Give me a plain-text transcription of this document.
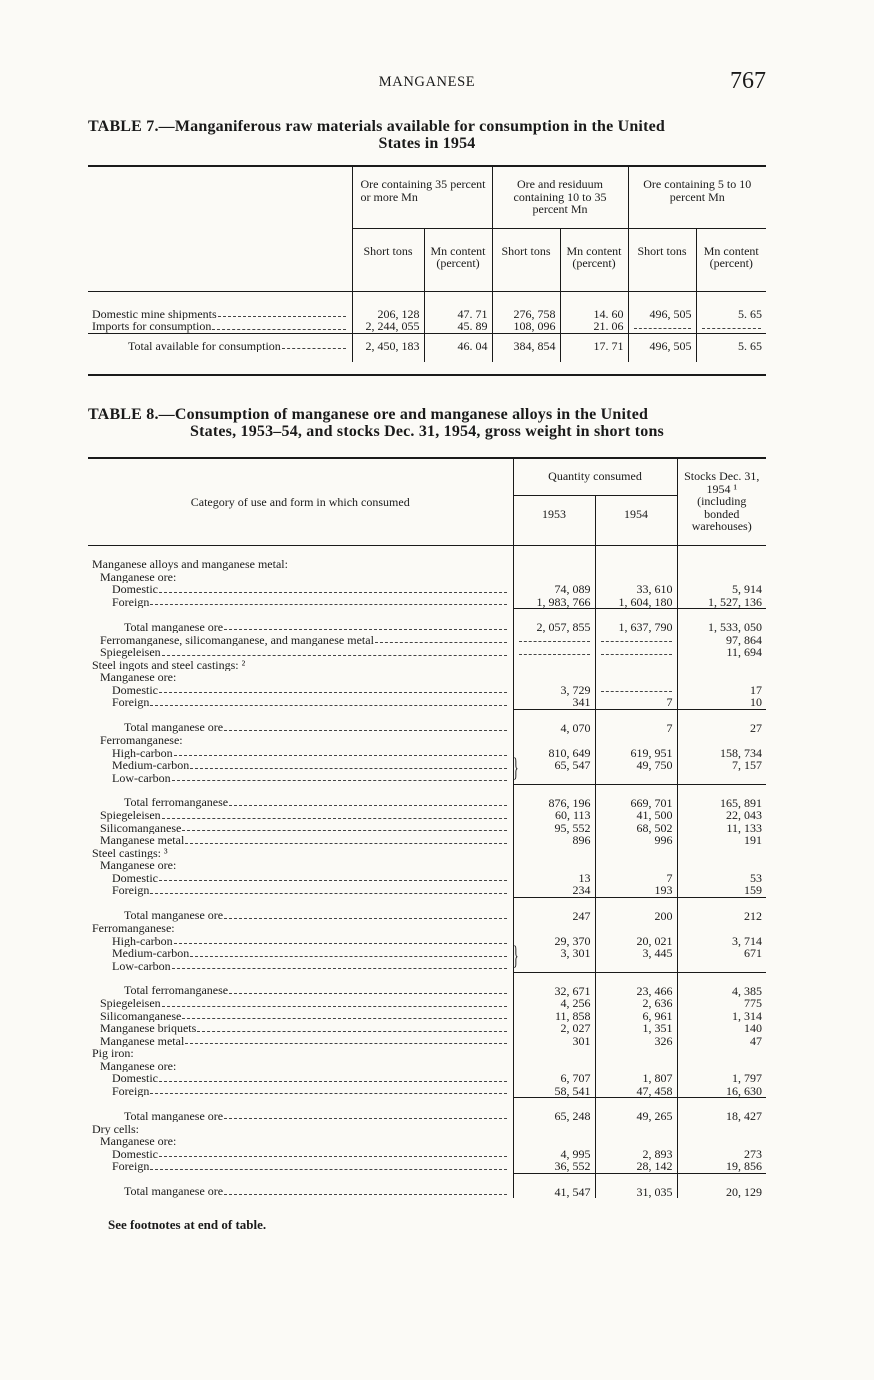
MANGANESE	767
TABLE 7.—Manganiferous raw materials available for consumption in the United
States in 1954
	Ore containing 35 percent or more Mn		Ore and residuum containing 10 to 35 percent Mn		Ore containing 5 to 10 percent Mn	
	Short tons	Mn content (percent)	Short tons	Mn content (percent)	Short tons	Mn content (percent)

Domestic mine shipments	206, 128	47. 71	276, 758	14. 60	496, 505	5. 65

Imports for consumption	2, 244, 055	45. 89	108, 096	21. 06		

Total available for consumption	2, 450, 183	46. 04	384, 854	17. 71	496, 505	5. 65
TABLE 8.—Consumption of manganese ore and manganese alloys in the United
States, 1953–54, and stocks Dec. 31, 1954, gross weight in short tons
Category of use and form in which consumed	Quantity consumed		Stocks Dec. 31, 1954 ¹ (including bonded warehouses)
	1953	1954	

Manganese alloys and manganese metal:			

Manganese ore:			

Domestic	74, 089	33, 610	5, 914

Foreign	1, 983, 766	1, 604, 180	1, 527, 136

Total manganese ore	2, 057, 855	1, 637, 790	1, 533, 050

Ferromanganese, silicomanganese, and manganese metal			97, 864

Spiegeleisen			11, 694

Steel ingots and steel castings: ²			

Manganese ore:			

Domestic	3, 729		17

Foreign	341	7	10

Total manganese ore	4, 070	7	27

Ferromanganese:			

High-carbon	810, 649	619, 951	158, 734

Medium-carbon	} 65, 547	49, 750	7, 157

Low-carbon			

Total ferromanganese	876, 196	669, 701	165, 891

Spiegeleisen	60, 113	41, 500	22, 043

Silicomanganese	95, 552	68, 502	11, 133

Manganese metal	896	996	191

Steel castings: ³			

Manganese ore:			

Domestic	13	7	53

Foreign	234	193	159

Total manganese ore	247	200	212

Ferromanganese:			

High-carbon	29, 370	20, 021	3, 714

Medium-carbon	} 3, 301	3, 445	671

Low-carbon			

Total ferromanganese	32, 671	23, 466	4, 385

Spiegeleisen	4, 256	2, 636	775

Silicomanganese	11, 858	6, 961	1, 314

Manganese briquets	2, 027	1, 351	140

Manganese metal	301	326	47

Pig iron:			

Manganese ore:			

Domestic	6, 707	1, 807	1, 797

Foreign	58, 541	47, 458	16, 630

Total manganese ore	65, 248	49, 265	18, 427

Dry cells:			

Manganese ore:			

Domestic	4, 995	2, 893	273

Foreign	36, 552	28, 142	19, 856

Total manganese ore	41, 547	31, 035	20, 129
See footnotes at end of table.
